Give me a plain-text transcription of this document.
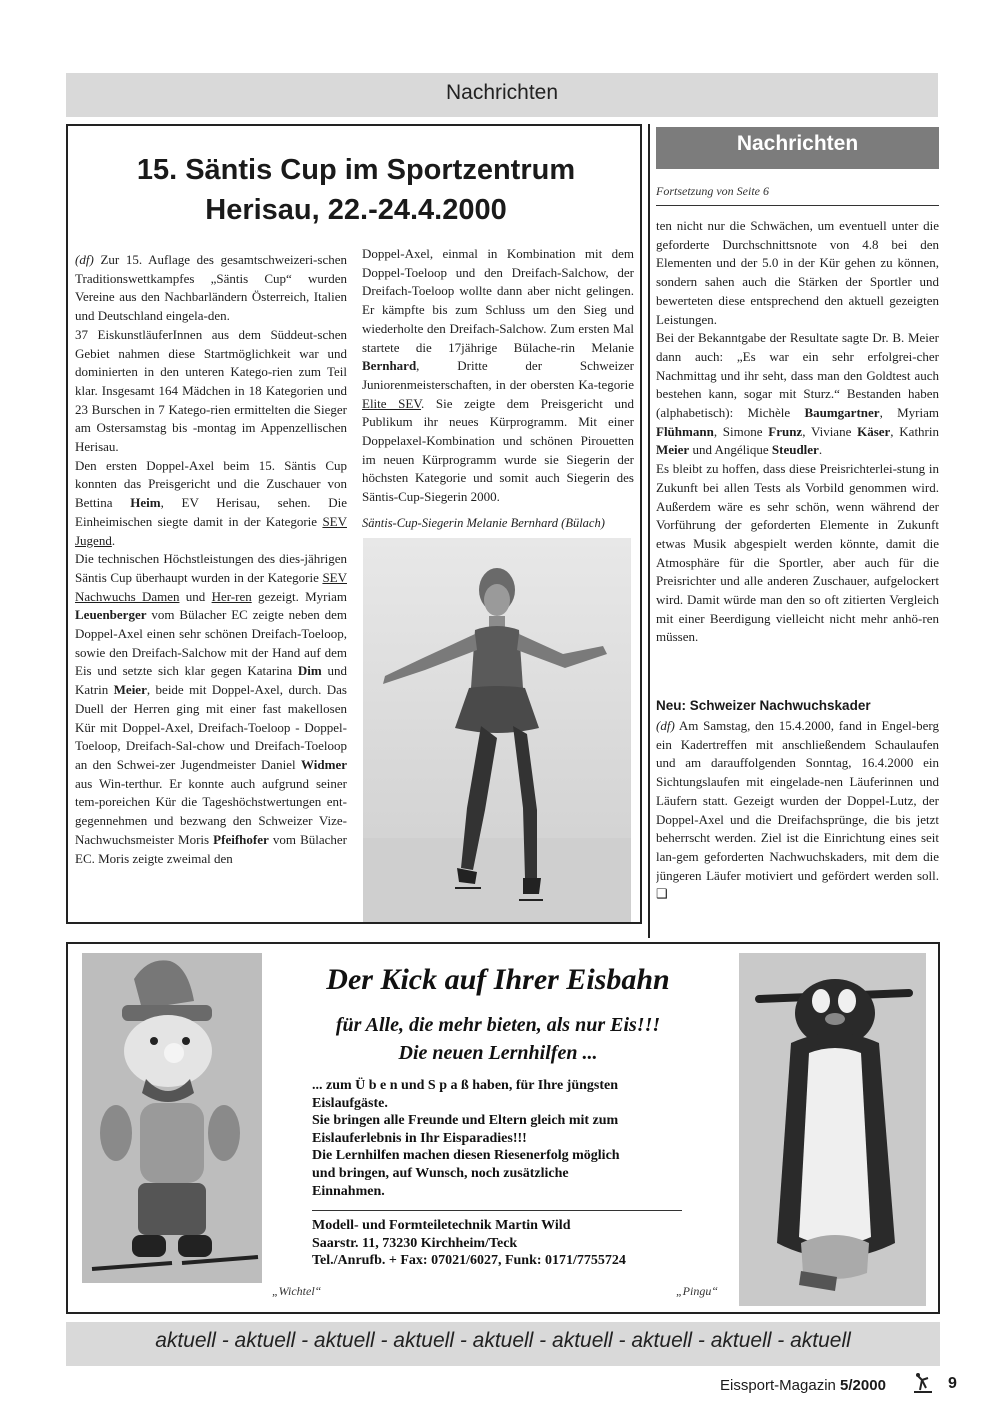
Nachrichten
15. Säntis Cup im Sportzentrum
Herisau, 22.-24.4.2000

(df) Zur 15. Auflage des gesamtschweizeri-schen Traditionswettkampfes „Säntis Cup“ wurden Vereine aus den Nachbarländern Österreich, Italien und Deutschland eingela-den.

37 EiskunstläuferInnen aus dem Süddeut-schen Gebiet nahmen diese Startmöglichkeit war und dominierten in den unteren Katego-rien zum Teil klar. Insgesamt 164 Mädchen in 18 Kategorien und 23 Burschen in 7 Katego-rien ermittelten die Sieger am Ostersamstag bis -montag im Appenzellischen Herisau.

Den ersten Doppel-Axel beim 15. Säntis Cup konnten das Preisgericht und die Zuschauer von Bettina Heim, EV Herisau, sehen. Die Einheimischen siegte damit in der Kategorie SEV Jugend.

Die technischen Höchstleistungen des dies-jährigen Säntis Cup überhaupt wurden in der Kategorie SEV Nachwuchs Damen und Her-ren gezeigt. Myriam Leuenberger vom Bülacher EC zeigte neben dem Doppel-Axel einen sehr schönen Dreifach-Toeloop, sowie den Dreifach-Salchow mit der Hand auf dem Eis und setzte sich klar gegen Katarina Dim und Katrin Meier, beide mit Doppel-Axel, durch. Das Duell der Herren ging mit einer fast makellosen Kür mit Doppel-Axel, Dreifach-Toeloop - Doppel-Toeloop, Dreifach-Sal-chow und Dreifach-Toeloop an den Schwei-zer Jugendmeister Daniel Widmer aus Win-terthur. Er konnte auch aufgrund seiner tem-poreichen Kür die Tageshöchstwertungen ent-gegennehmen und bezwang den Schweizer Vize-Nachwuchsmeister Moris Pfeifhofer vom Bülacher EC. Moris zeigte zweimal den

Doppel-Axel, einmal in Kombination mit dem Doppel-Toeloop und den Dreifach-Salchow, der Dreifach-Toeloop wollte dann aber nicht gelingen. Er kämpfte bis zum Schluss um den Sieg und wiederholte den Dreifach-Salchow. Zum ersten Mal startete die 17jährige Bülache-rin Melanie Bernhard, Dritte der Schweizer Juniorenmeisterschaften, in der obersten Ka-tegorie Elite SEV. Sie zeigte dem Preisgericht und Publikum ihr neues Kürprogramm. Mit einer Doppelaxel-Kombination und schönen Pirouetten im neuen Kürprogramm wurde sie Siegerin der höchsten Kategorie und somit auch Siegerin des Säntis-Cup-Siegerin 2000.

Säntis-Cup-Siegerin Melanie Bernhard (Bülach)
Nachrichten
Fortsetzung von Seite 6

ten nicht nur die Schwächen, um eventuell unter die geforderte Durchschnittsnote von 4.8 bei den Elementen und der 5.0 in der Kür gehen zu können, sondern sahen auch die Stärken der Sportler und bewerteten diese entsprechend den aktuell gezeigten Leistungen.

Bei der Bekanntgabe der Resultate sagte Dr. B. Meier dann auch: „Es war ein sehr erfolgrei-cher Nachmittag und ihr seht, dass man den Goldtest auch bestehen kann, sogar mit Sturz.“ Bestanden haben (alphabetisch): Michèle Baumgartner, Myriam Flühmann, Simone Frunz, Viviane Käser, Kathrin Meier und Angélique Steudler.

Es bleibt zu hoffen, dass diese Preisrichterlei-stung in Zukunft bei allen Tests als Vorbild genommen wird. Außerdem wäre es sehr schön, wenn während der Vorführung der geforderten Elemente in Zukunft etwas Musik abgespielt werden könnte, damit die Atmosphäre für die Sportler, aber auch für die Preisrichter und alle anderen Zuschauer, aufgelockert wird. Damit würde man den so oft zitierten Vergleich mit einer Beerdigung vielleicht nicht mehr anhö-ren müssen.

Neu: Schweizer Nachwuchskader

(df) Am Samstag, den 15.4.2000, fand in Engel-berg ein Kadertreffen mit anschließendem Schaulaufen und am darauffolgenden Sonntag, 16.4.2000 ein Sichtungslaufen mit eingelade-nen Läuferinnen und Läufern statt. Gezeigt wurden der Doppel-Lutz, der Doppel-Axel und die Dreifachsprünge, die bis jetzt beherrscht werden. Ziel ist die Einrichtung eines seit lan-gem geforderten Nachwuchskaders, mit dem die jüngeren Läufer motiviert und gefördert werden soll. ❑

Der Kick auf Ihrer Eisbahn
für Alle, die mehr bieten, als nur Eis!!!
Die neuen Lernhilfen ...
... zum Ü b e n und S p a ß haben, für Ihre jüngsten
Eislaufgäste.
Sie bringen alle Freunde und Eltern gleich mit zum
Eislauferlebnis in Ihr Eisparadies!!!
Die Lernhilfen machen diesen Riesenerfolg möglich
und bringen, auf Wunsch, noch zusätzliche
Einnahmen.
Modell- und Formteiletechnik Martin Wild
Saarstr. 11, 73230 Kirchheim/Teck
Tel./Anrufb. + Fax: 07021/6027, Funk: 0171/7755724
„Wichtel“	„Pingu“
aktuell - aktuell - aktuell - aktuell - aktuell - aktuell - aktuell - aktuell - aktuell
Eissport-Magazin 5/2000	9
